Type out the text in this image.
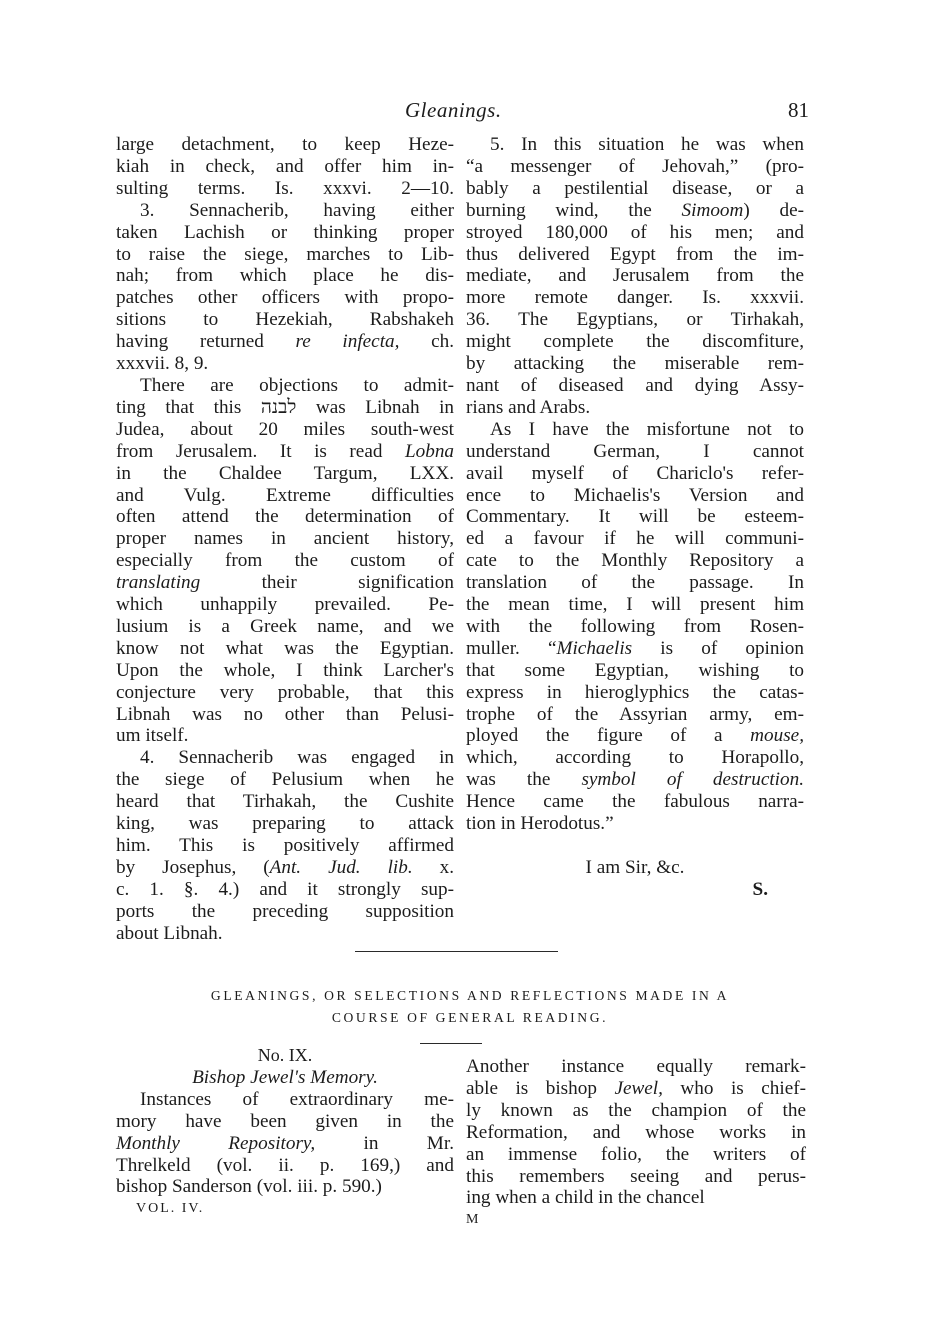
Gleanings.	81

large detachment, to keep Heze-

kiah in check, and offer him in-

sulting terms. Is. xxxvi. 2—10.

3. Sennacherib, having either

taken Lachish or thinking proper

to raise the siege, marches to Lib-

nah; from which place he dis-

patches other officers with propo-

sitions to Hezekiah, Rabshakeh

having returned re infecta, ch.

xxxvii. 8, 9.

There are objections to admit-

ting that this לבנה was Libnah in

Judea, about 20 miles south-west

from Jerusalem. It is read Lobna

in the Chaldee Targum, LXX.

and Vulg. Extreme difficulties

often attend the determination of

proper names in ancient history,

especially from the custom of

translating their signification

which unhappily prevailed. Pe-

lusium is a Greek name, and we

know not what was the Egyptian.

Upon the whole, I think Larcher's

conjecture very probable, that this

Libnah was no other than Pelusi-

um itself.

4. Sennacherib was engaged in

the siege of Pelusium when he

heard that Tirhakah, the Cushite

king, was preparing to attack

him. This is positively affirmed

by Josephus, (Ant. Jud. lib. x.

c. 1. §. 4.) and it strongly sup-

ports the preceding supposition

about Libnah.

5. In this situation he was when

“a messenger of Jehovah,” (pro-

bably a pestilential disease, or a

burning wind, the Simoom) de-

stroyed 180,000 of his men; and

thus delivered Egypt from the im-

mediate, and Jerusalem from the

more remote danger. Is. xxxvii.

36. The Egyptians, or Tirhakah,

might complete the discomfiture,

by attacking the miserable rem-

nant of diseased and dying Assy-

rians and Arabs.

As I have the misfortune not to

understand German, I cannot

avail myself of Chariclo's refer-

ence to Michaelis's Version and

Commentary. It will be esteem-

ed a favour if he will communi-

cate to the Monthly Repository a

translation of the passage. In

the mean time, I will present him

with the following from Rosen-

muller. “Michaelis is of opinion

that some Egyptian, wishing to

express in hieroglyphics the catas-

trophe of the Assyrian army, em-

ployed the figure of a mouse,

which, according to Horapollo,

was the symbol of destruction.

Hence came the fabulous narra-

tion in Herodotus.”

I am Sir, &c.

S.
GLEANINGS, OR SELECTIONS AND REFLECTIONS MADE IN A
COURSE OF GENERAL READING.

No. IX.

Bishop Jewel's Memory.

Instances of extraordinary me-

mory have been given in the

Monthly Repository, in Mr.

Threlkeld (vol. ii. p. 169,) and

bishop Sanderson (vol. iii. p. 590.)

VOL. IV.

Another instance equally remark-

able is bishop Jewel, who is chief-

ly known as the champion of the

Reformation, and whose works in

an immense folio, the writers of

this remembers seeing and perus-

ing when a child in the chancel

M
